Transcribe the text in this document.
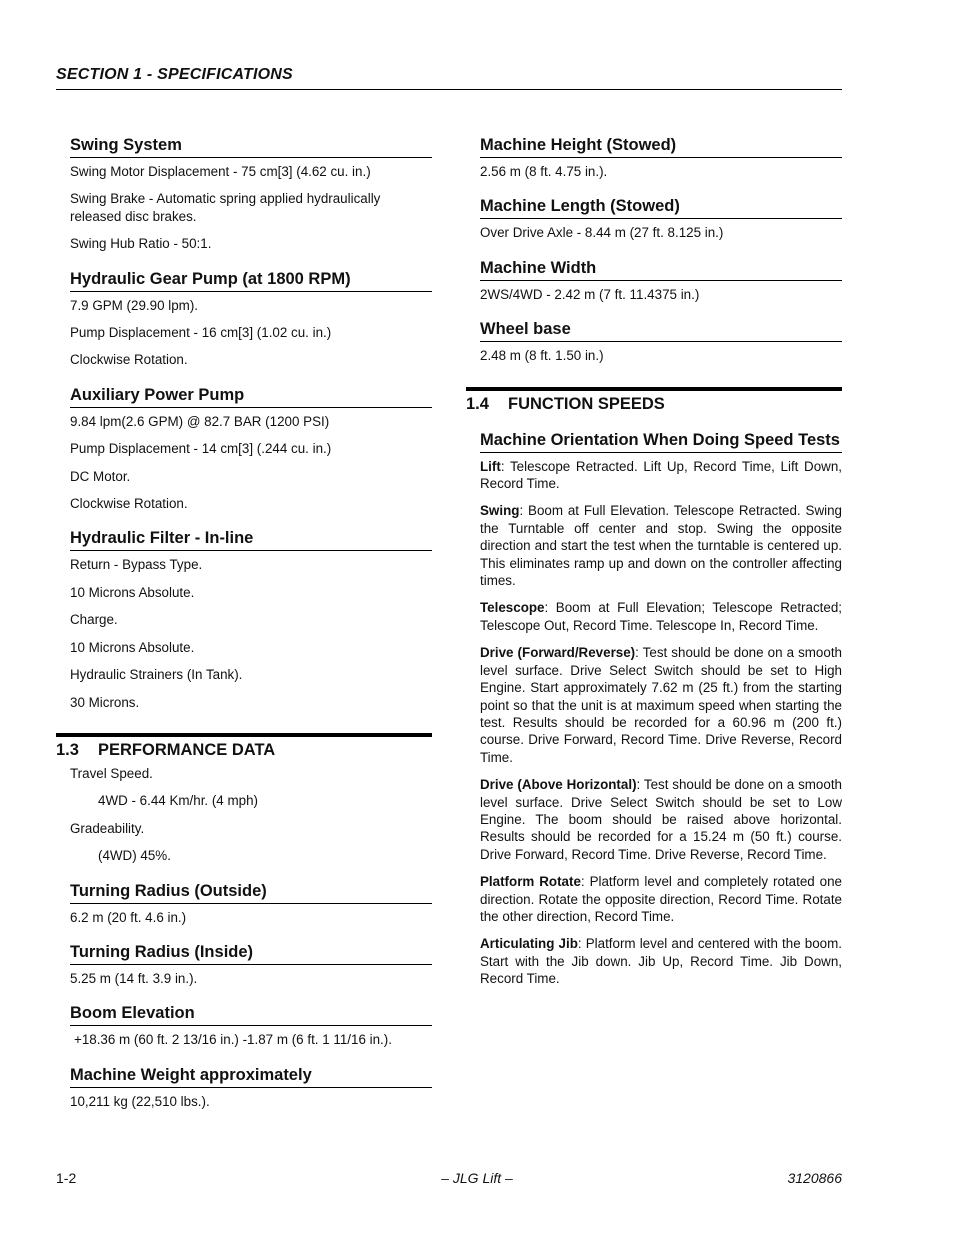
SECTION 1 - SPECIFICATIONS
Swing System

Swing Motor Displacement - 75 cm[3] (4.62 cu. in.)

Swing Brake - Automatic spring applied hydraulically released disc brakes.

Swing Hub Ratio - 50:1.

Hydraulic Gear Pump (at 1800 RPM)

7.9 GPM (29.90 lpm).

Pump Displacement - 16 cm[3] (1.02 cu. in.)

Clockwise Rotation.

Auxiliary Power Pump

9.84 lpm(2.6 GPM) @ 82.7 BAR (1200 PSI)

Pump Displacement - 14 cm[3] (.244 cu. in.)

DC Motor.

Clockwise Rotation.

Hydraulic Filter - In-line

Return - Bypass Type.

10 Microns Absolute.

Charge.

10 Microns Absolute.

Hydraulic Strainers (In Tank).

30 Microns.

1.3 PERFORMANCE DATA

Travel Speed.

4WD - 6.44 Km/hr. (4 mph)

Gradeability.

(4WD) 45%.

Turning Radius (Outside)

6.2 m (20 ft. 4.6 in.)

Turning Radius (Inside)

5.25 m (14 ft. 3.9 in.).

Boom Elevation

+18.36 m (60 ft. 2 13/16 in.) -1.87 m (6 ft. 1 11/16 in.).

Machine Weight approximately

10,211 kg (22,510 lbs.).

Machine Height (Stowed)

2.56 m (8 ft. 4.75 in.).

Machine Length (Stowed)

Over Drive Axle - 8.44 m (27 ft. 8.125 in.)

Machine Width

2WS/4WD - 2.42 m (7 ft. 11.4375 in.)

Wheel base

2.48 m (8 ft. 1.50 in.)

1.4 FUNCTION SPEEDS
Machine Orientation When Doing Speed Tests

Lift: Telescope Retracted. Lift Up, Record Time, Lift Down, Record Time.

Swing: Boom at Full Elevation. Telescope Retracted. Swing the Turntable off center and stop. Swing the opposite direction and start the test when the turntable is centered up. This eliminates ramp up and down on the controller affecting times.

Telescope: Boom at Full Elevation; Telescope Retracted; Telescope Out, Record Time. Telescope In, Record Time.

Drive (Forward/Reverse): Test should be done on a smooth level surface. Drive Select Switch should be set to High Engine. Start approximately 7.62 m (25 ft.) from the starting point so that the unit is at maximum speed when starting the test. Results should be recorded for a 60.96 m (200 ft.) course. Drive Forward, Record Time. Drive Reverse, Record Time.

Drive (Above Horizontal): Test should be done on a smooth level surface. Drive Select Switch should be set to Low Engine. The boom should be raised above horizontal. Results should be recorded for a 15.24 m (50 ft.) course. Drive Forward, Record Time. Drive Reverse, Record Time.

Platform Rotate: Platform level and completely rotated one direction. Rotate the opposite direction, Record Time. Rotate the other direction, Record Time.

Articulating Jib: Platform level and centered with the boom. Start with the Jib down. Jib Up, Record Time. Jib Down, Record Time.

– JLG Lift –
1-2	3120866
